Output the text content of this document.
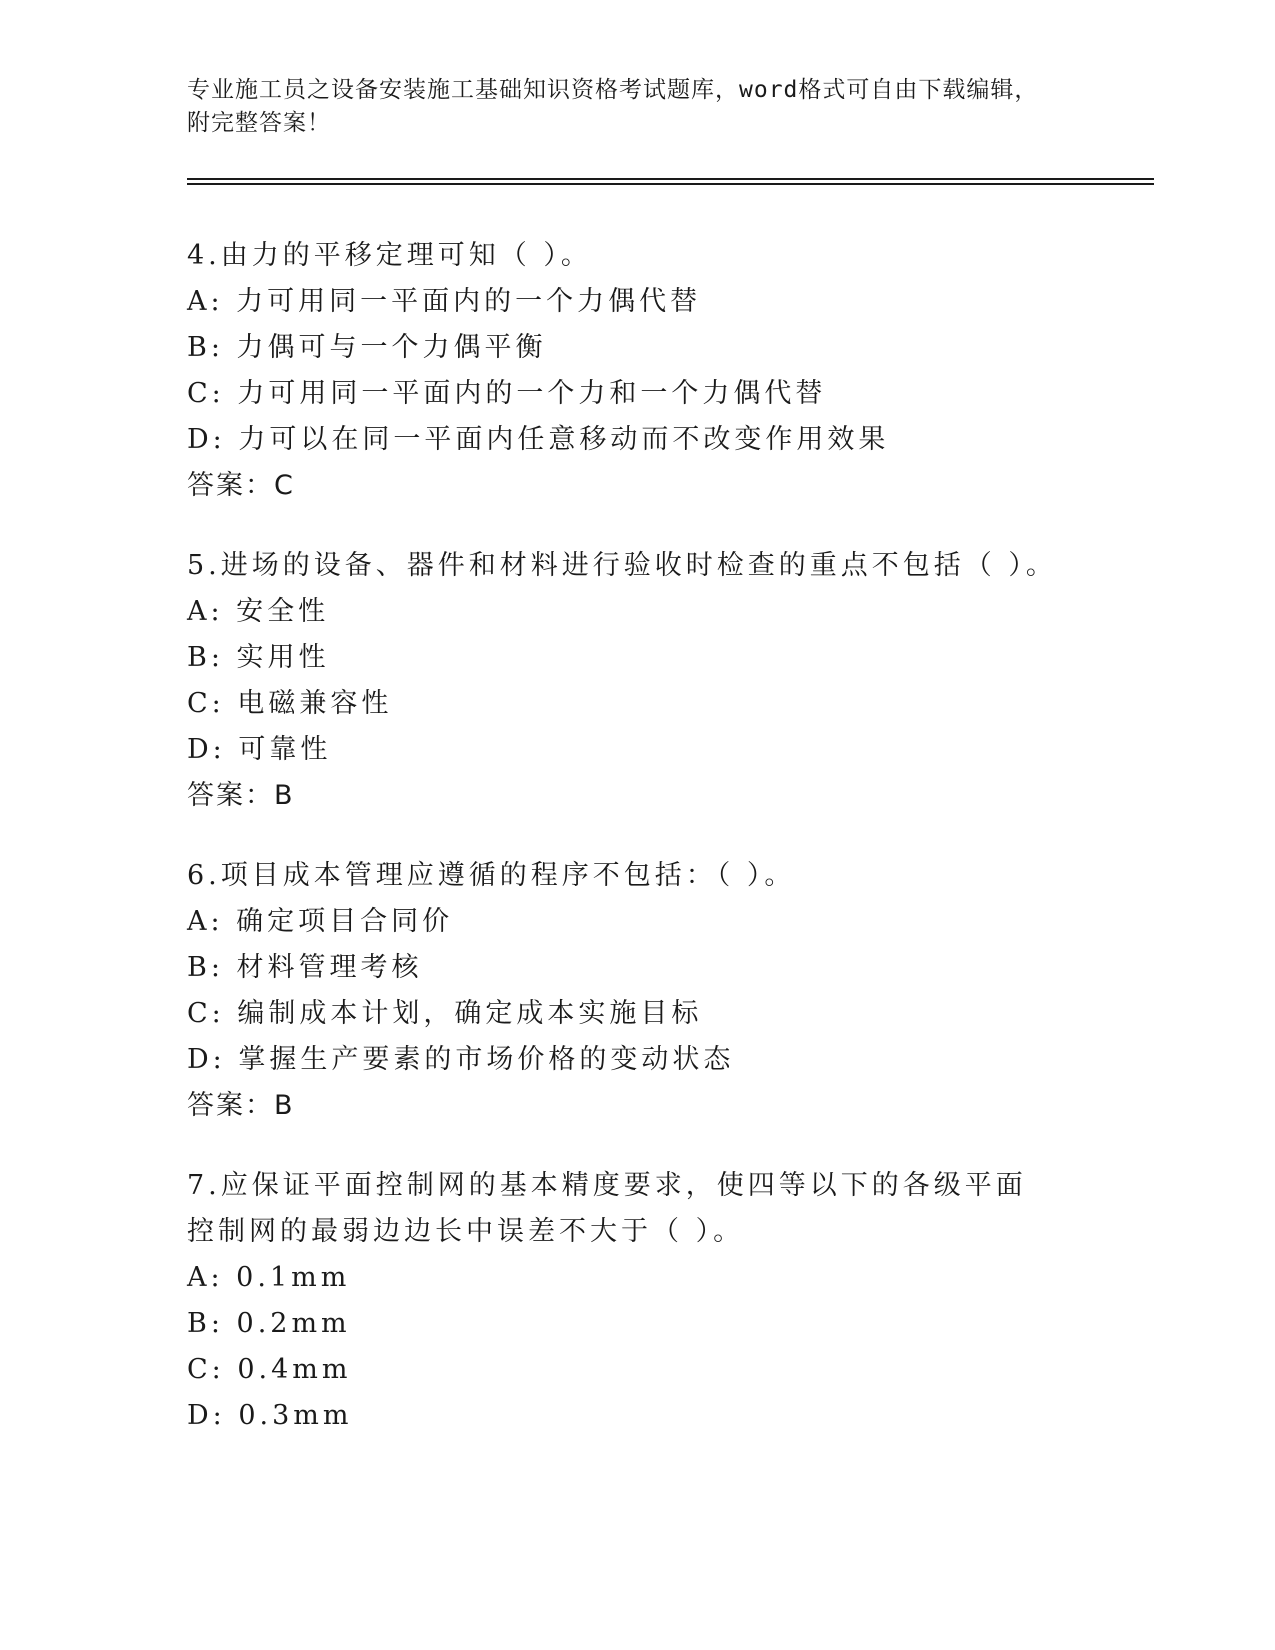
专业施工员之设备安装施工基础知识资格考试题库，word格式可自由下载编辑，
附完整答案！
4.由力的平移定理可知（ ）。
A: 力可用同一平面内的一个力偶代替
B: 力偶可与一个力偶平衡
C: 力可用同一平面内的一个力和一个力偶代替
D: 力可以在同一平面内任意移动而不改变作用效果
答案：C
5.进场的设备、器件和材料进行验收时检查的重点不包括（ ）。
A: 安全性
B: 实用性
C: 电磁兼容性
D: 可靠性
答案：B
6.项目成本管理应遵循的程序不包括：（ ）。
A: 确定项目合同价
B: 材料管理考核
C: 编制成本计划，确定成本实施目标
D: 掌握生产要素的市场价格的变动状态
答案：B
7.应保证平面控制网的基本精度要求，使四等以下的各级平面控制网的最弱边边长中误差不大于（ ）。
A: 0.1mm
B: 0.2mm
C: 0.4mm
D: 0.3mm
